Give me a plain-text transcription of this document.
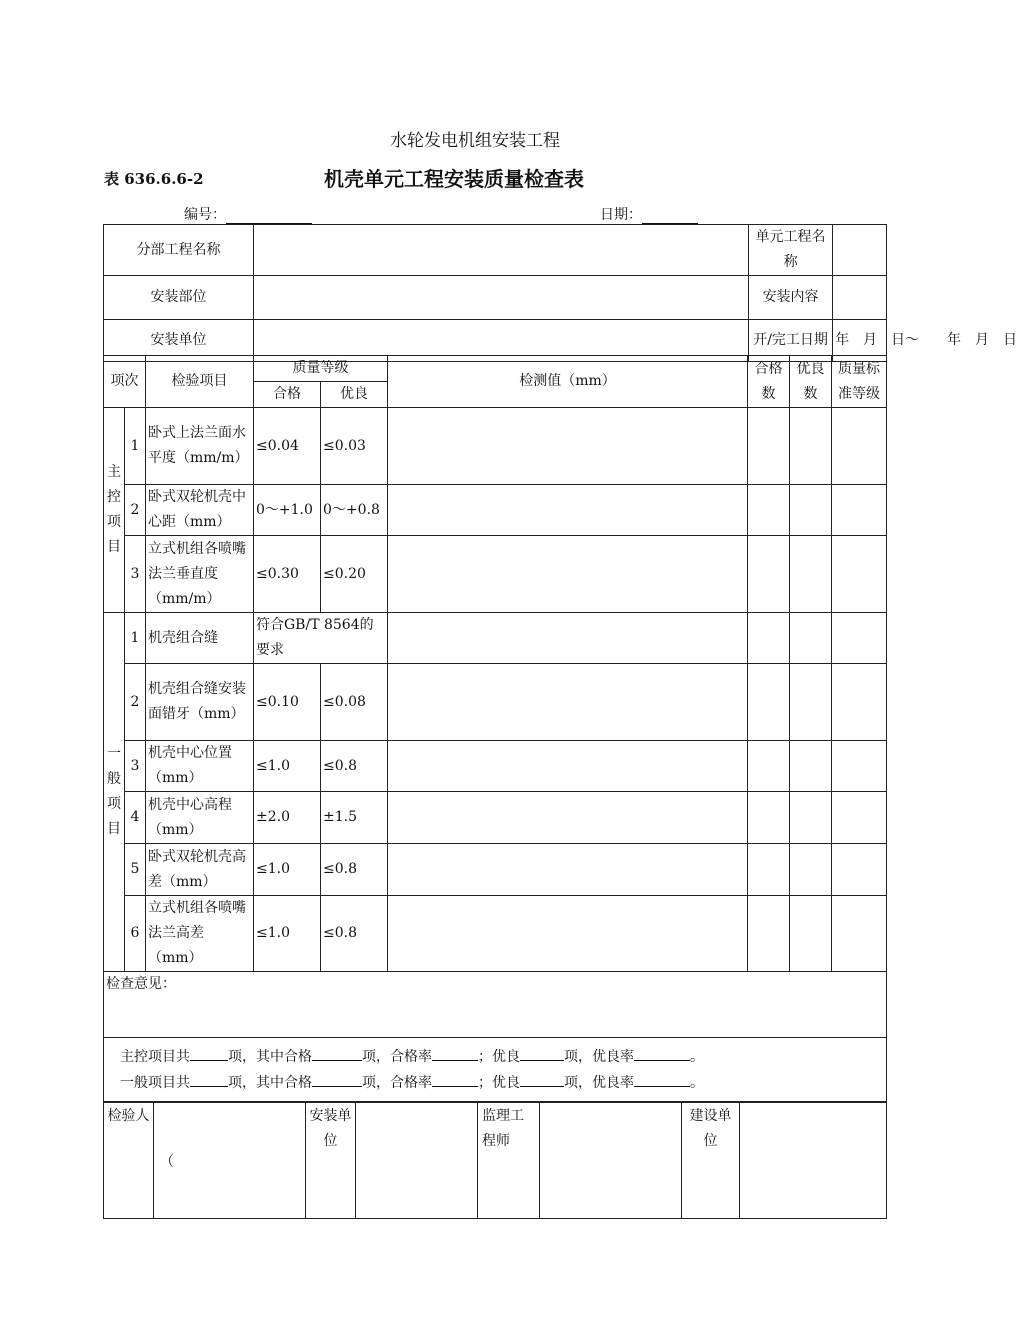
水轮发电机组安装工程
表 636.6.6-2	机壳单元工程安装质量检查表
编号：	日期：
分部工程名称		单元工程名称	
安装部位		安装内容	
安装单位		开/完工日期	年　月　日～　　年　月　日
项次		检验项目	质量等级		检测值（mm）	合格数	优良数	质量标准等级
			合格	优良				
主控项目	1	卧式上法兰面水平度（mm/m）	≤0.04	≤0.03				
	2	卧式双轮机壳中心距（mm）	0～+1.0	0～+0.8				
	3	立式机组各喷嘴法兰垂直度（mm/m）	≤0.30	≤0.20				
一般项目	1	机壳组合缝	符合GB/T 8564的要求					
	2	机壳组合缝安装面错牙（mm）	≤0.10	≤0.08				
	3	机壳中心位置（mm）	≤1.0	≤0.8				
	4	机壳中心高程（mm）	±2.0	±1.5				
	5	卧式双轮机壳高差（mm）	≤1.0	≤0.8				
	6	立式机组各喷嘴法兰高差（mm）	≤1.0	≤0.8				
检查意见：								

主控项目共 项，其中合格 项，合格率 ；优良 项，优良率 。
一般项目共 项，其中合格 项，合格率 ；优良 项，优良率 。								
检验人	（	安装单位		监理工程师		建设单位	
